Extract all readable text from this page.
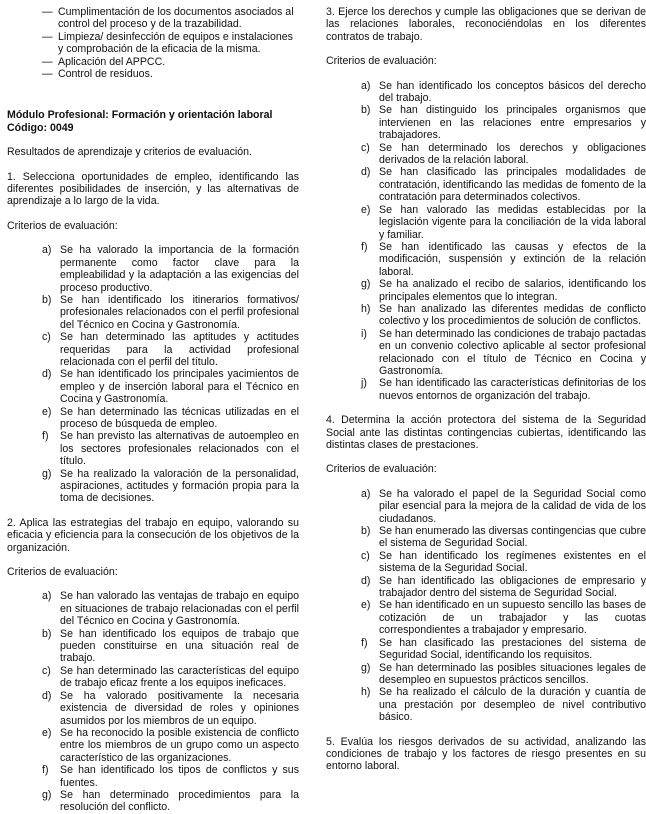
— Cumplimentación de los documentos asociados al control del proceso y de la trazabilidad.
— Limpieza/ desinfección de equipos e instalaciones y comprobación de la eficacia de la misma.
— Aplicación del APPCC.
— Control de residuos.

Módulo Profesional: Formación y orientación laboral

Código: 0049

Resultados de aprendizaje y criterios de evaluación.

1. Selecciona oportunidades de empleo, identificando las diferentes posibilidades de inserción, y las alternativas de aprendizaje a lo largo de la vida.

Criterios de evaluación:

a) Se ha valorado la importancia de la formación permanente como factor clave para la empleabilidad y la adaptación a las exigencias del proceso productivo.
b) Se han identificado los itinerarios formativos/ profesionales relacionados con el perfil profesional del Técnico en Cocina y Gastronomía.
c) Se han determinado las aptitudes y actitudes requeridas para la actividad profesional relacionada con el perfil del título.
d) Se han identificado los principales yacimientos de empleo y de inserción laboral para el Técnico en Cocina y Gastronomía.
e) Se han determinado las técnicas utilizadas en el proceso de búsqueda de empleo.
f)	Se han previsto las alternativas de autoempleo en los sectores profesionales relacionados con el título.
g) Se ha realizado la valoración de la personalidad, aspiraciones, actitudes y formación propia para la toma de decisiones.

2. Aplica las estrategias del trabajo en equipo, valorando su eficacia y eficiencia para la consecución de los objetivos de la organización.

Criterios de evaluación:

a) Se han valorado las ventajas de trabajo en equipo en situaciones de trabajo relacionadas con el perfil del Técnico en Cocina y Gastronomía.
b) Se han identificado los equipos de trabajo que pueden constituirse en una situación real de trabajo.
c) Se han determinado las características del equipo de trabajo eficaz frente a los equipos ineficaces.
d) Se ha valorado positivamente la necesaria existencia de diversidad de roles y opiniones asumidos por los miembros de un equipo.
e) Se ha reconocido la posible existencia de conflicto entre los miembros de un grupo como un aspecto característico de las organizaciones.
f)	Se han identificado los tipos de conflictos y sus fuentes.
g) Se han determinado procedimientos para la resolución del conflicto.

3. Ejerce los derechos y cumple las obligaciones que se derivan de las relaciones laborales, reconociéndolas en los diferentes contratos de trabajo.

Criterios de evaluación:

a) Se han identificado los conceptos básicos del derecho del trabajo.
b) Se han distinguido los principales organismos que intervienen en las relaciones entre empresarios y trabajadores.
c) Se han determinado los derechos y obligaciones derivados de la relación laboral.
d) Se han clasificado las principales modalidades de contratación, identificando las medidas de fomento de la contratación para determinados colectivos.
e) Se han valorado las medidas establecidas por la legislación vigente para la conciliación de la vida laboral y familiar.
f)	Se han identificado las causas y efectos de la modificación, suspensión y extinción de la relación laboral.
g) Se ha analizado el recibo de salarios, identificando los principales elementos que lo integran.
h) Se han analizado las diferentes medidas de conflicto colectivo y los procedimientos de solución de conflictos.
i)	Se han determinado las condiciones de trabajo pactadas en un convenio colectivo aplicable al sector profesional relacionado con el título de Técnico en Cocina y Gastronomía.
j)	Se han identificado las características definitorias de los nuevos entornos de organización del trabajo.

4. Determina la acción protectora del sistema de la Seguridad Social ante las distintas contingencias cubiertas, identificando las distintas clases de prestaciones.

Criterios de evaluación:

a) Se ha valorado el papel de la Seguridad Social como pilar esencial para la mejora de la calidad de vida de los ciudadanos.
b) Se han enumerado las diversas contingencias que cubre el sistema de Seguridad Social.
c) Se han identificado los regímenes existentes en el sistema de la Seguridad Social.
d) Se han identificado las obligaciones de empresario y trabajador dentro del sistema de Seguridad Social.
e) Se han identificado en un supuesto sencillo las bases de cotización de un trabajador y las cuotas correspondientes a trabajador y empresario.
f)	Se han clasificado las prestaciones del sistema de Seguridad Social, identificando los requisitos.
g) Se han determinado las posibles situaciones legales de desempleo en supuestos prácticos sencillos.
h) Se ha realizado el cálculo de la duración y cuantía de una prestación por desempleo de nivel contributivo básico.

5. Evalúa los riesgos derivados de su actividad, analizando las condiciones de trabajo y los factores de riesgo presentes en su entorno laboral.
